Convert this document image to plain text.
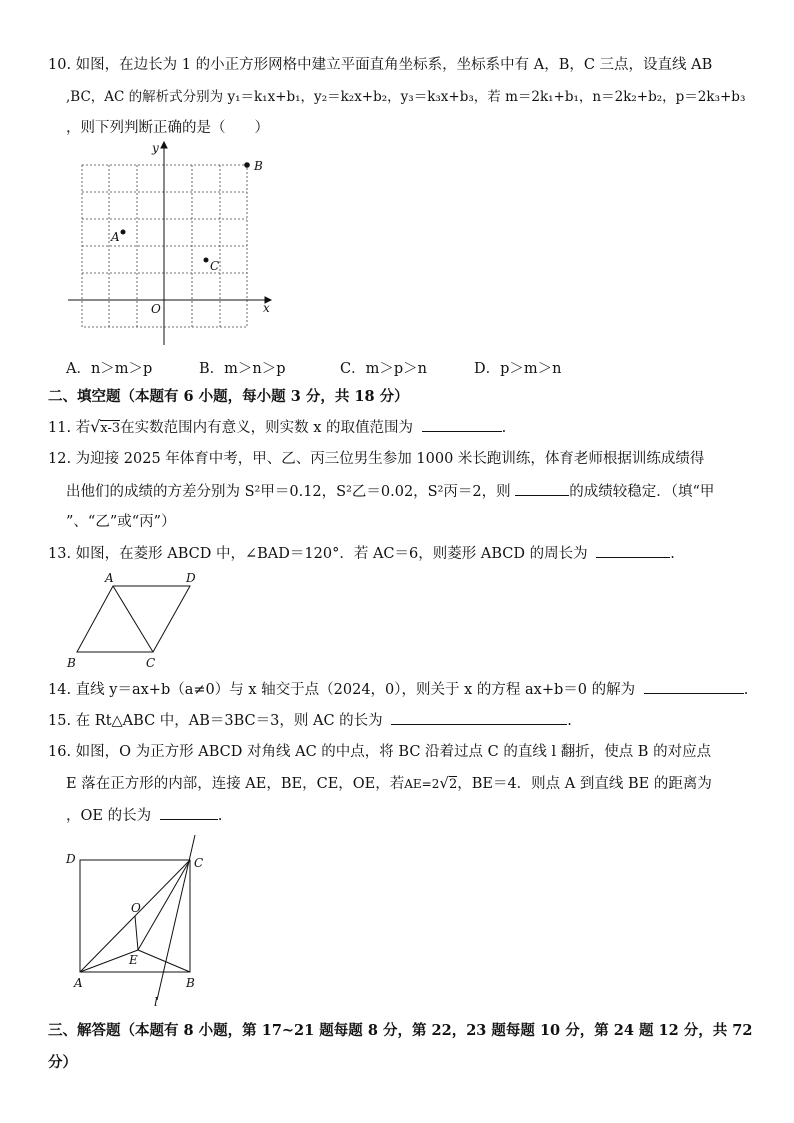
10. 如图，在边长为 1 的小正方形网格中建立平面直角坐标系，坐标系中有 A，B，C 三点，设直线 AB
,BC，AC 的解析式分别为 y₁＝k₁x+b₁，y₂＝k₂x+b₂，y₃＝k₃x+b₃，若 m＝2k₁+b₁，n＝2k₂+b₂，p＝2k₃+b₃
，则下列判断正确的是（　　）
y
x
O
A
B
C
A．n＞m＞p	B．m＞n＞p	C．m＞p＞n	D．p＞m＞n
二、填空题（本题有 6 小题，每小题 3 分，共 18 分）
11. 若√x-3在实数范围内有意义，则实数 x 的取值范围为	.
12. 为迎接 2025 年体育中考，甲、乙、丙三位男生参加 1000 米长跑训练，体育老师根据训练成绩得
出他们的成绩的方差分别为 S²甲＝0.12，S²乙＝0.02，S²丙＝2，则	的成绩较稳定．（填“甲
”、“乙”或“丙”）
13. 如图，在菱形 ABCD 中，∠BAD＝120°．若 AC＝6，则菱形 ABCD 的周长为	.
A	D
B	C
14. 直线 y＝ax+b（a≠0）与 x 轴交于点（2024，0），则关于 x 的方程 ax+b＝0 的解为	.
15. 在 Rt△ABC 中，AB＝3BC＝3，则 AC 的长为	.
16. 如图，O 为正方形 ABCD 对角线 AC 的中点，将 BC 沿着过点 C 的直线 l 翻折，使点 B 的对应点
E 落在正方形的内部，连接 AE，BE，CE，OE，若AE=2√2，BE＝4．则点 A 到直线 BE 的距离为
，OE 的长为	.
D	C
A	B
O
E
l
三、解答题（本题有 8 小题，第 17~21 题每题 8 分，第 22，23 题每题 10 分，第 24 题 12 分，共 72
分）
